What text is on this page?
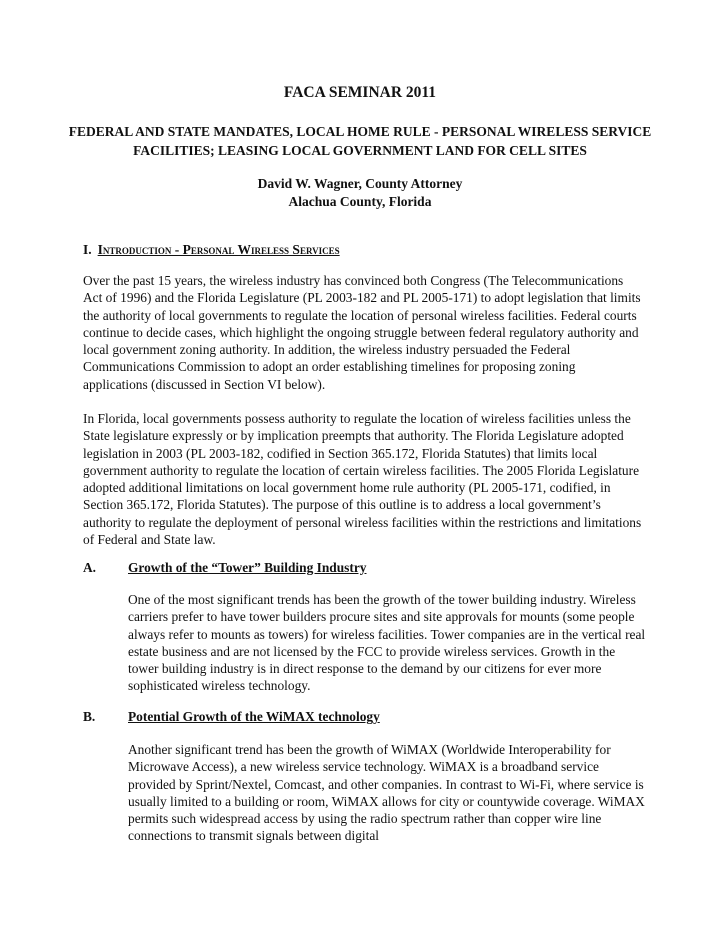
FACA SEMINAR 2011
FEDERAL AND STATE MANDATES, LOCAL HOME RULE - PERSONAL WIRELESS SERVICE FACILITIES; LEASING LOCAL GOVERNMENT LAND FOR CELL SITES
David W. Wagner, County Attorney
Alachua County, Florida
I. Introduction - Personal Wireless Services
Over the past 15 years, the wireless industry has convinced both Congress (The Telecommunications Act of 1996) and the Florida Legislature (PL 2003-182 and PL 2005-171) to adopt legislation that limits the authority of local governments to regulate the location of personal wireless facilities. Federal courts continue to decide cases, which highlight the ongoing struggle between federal regulatory authority and local government zoning authority. In addition, the wireless industry persuaded the Federal Communications Commission to adopt an order establishing timelines for proposing zoning applications (discussed in Section VI below).
In Florida, local governments possess authority to regulate the location of wireless facilities unless the State legislature expressly or by implication preempts that authority. The Florida Legislature adopted legislation in 2003 (PL 2003-182, codified in Section 365.172, Florida Statutes) that limits local government authority to regulate the location of certain wireless facilities. The 2005 Florida Legislature adopted additional limitations on local government home rule authority (PL 2005-171, codified, in Section 365.172, Florida Statutes). The purpose of this outline is to address a local government’s authority to regulate the deployment of personal wireless facilities within the restrictions and limitations of Federal and State law.
A. Growth of the “Tower” Building Industry
One of the most significant trends has been the growth of the tower building industry. Wireless carriers prefer to have tower builders procure sites and site approvals for mounts (some people always refer to mounts as towers) for wireless facilities. Tower companies are in the vertical real estate business and are not licensed by the FCC to provide wireless services. Growth in the tower building industry is in direct response to the demand by our citizens for ever more sophisticated wireless technology.
B. Potential Growth of the WiMAX technology
Another significant trend has been the growth of WiMAX (Worldwide Interoperability for Microwave Access), a new wireless service technology. WiMAX is a broadband service provided by Sprint/Nextel, Comcast, and other companies. In contrast to Wi-Fi, where service is usually limited to a building or room, WiMAX allows for city or countywide coverage. WiMAX permits such widespread access by using the radio spectrum rather than copper wire line connections to transmit signals between digital
